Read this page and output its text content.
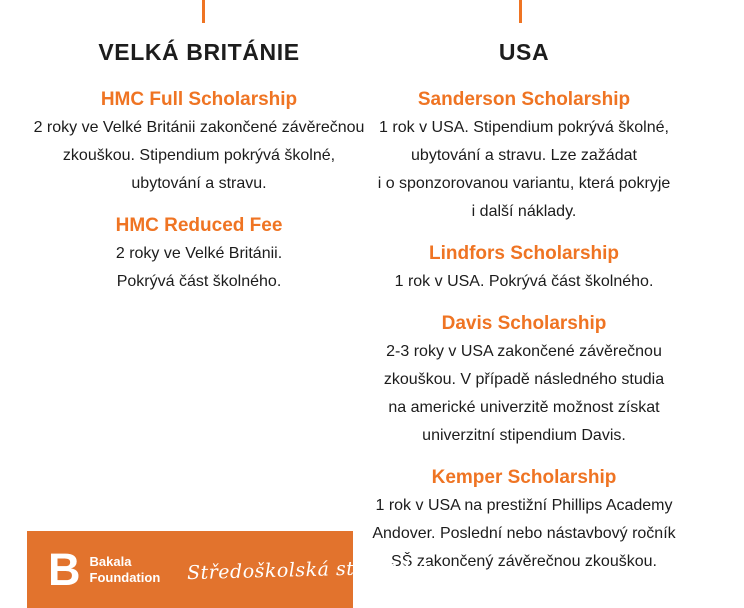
VELKÁ BRITÁNIE
HMC Full Scholarship
2 roky ve Velké Británii zakončené závěrečnou
zkouškou. Stipendium pokrývá školné,
ubytování a stravu.
HMC Reduced Fee
2 roky ve Velké Británii.
Pokrývá část školného.
USA
Sanderson Scholarship
1 rok v USA. Stipendium pokrývá školné,
ubytování a stravu. Lze zažádat
i o sponzorovanou variantu, která pokryje
i další náklady.
Lindfors Scholarship
1 rok v USA. Pokrývá část školného.
Davis Scholarship
2-3 roky v USA zakončené závěrečnou
zkouškou. V případě následného studia
na americké univerzitě možnost získat
univerzitní stipendium Davis.
Kemper Scholarship
1 rok v USA na prestižní Phillips Academy
Andover. Poslední nebo nástavbový ročník
SŠ zakončený závěrečnou zkouškou.
B Bakala
Foundation Středoškolská stipendia
